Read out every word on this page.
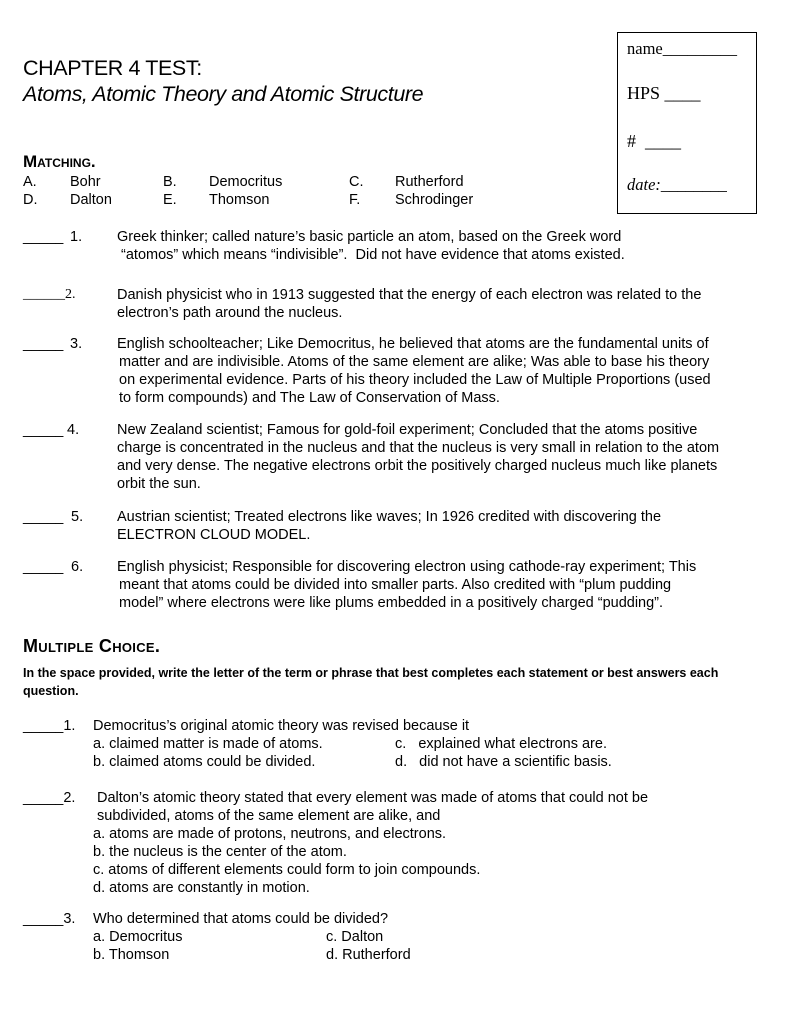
CHAPTER 4 TEST:
Atoms, Atomic Theory and Atomic Structure
name_________
HPS ____
#  ____
date:________
Matching.
A. Bohr	B. Democritus	C. Rutherford
D. Dalton	E. Thomson	F. Schrodinger
_____ 1. Greek thinker; called nature’s basic particle an atom, based on the Greek word
“atomos” which means “indivisible”.  Did not have evidence that atoms existed.
______2.	Danish physicist who in 1913 suggested that the energy of each electron was related to the
electron’s path around the nucleus.
_____ 3. English schoolteacher; Like Democritus, he believed that atoms are the fundamental units of
matter and are indivisible. Atoms of the same element are alike; Was able to base his theory
on experimental evidence. Parts of his theory included the Law of Multiple Proportions (used
to form compounds) and The Law of Conservation of Mass.
_____ 4.	New Zealand scientist; Famous for gold-foil experiment; Concluded that the atoms positive
charge is concentrated in the nucleus and that the nucleus is very small in relation to the atom
and very dense. The negative electrons orbit the positively charged nucleus much like planets
orbit the sun.
_____ 5. Austrian scientist; Treated electrons like waves; In 1926 credited with discovering the
ELECTRON CLOUD MODEL.
_____ 6. English physicist; Responsible for discovering electron using cathode-ray experiment; This
meant that atoms could be divided into smaller parts. Also credited with “plum pudding
model” where electrons were like plums embedded in a positively charged “pudding”.
Multiple Choice.
In the space provided, write the letter of the term or phrase that best completes each statement or best answers each question.
_____1. Democritus’s original atomic theory was revised because it
a. claimed matter is made of atoms.	c.   explained what electrons are.
b. claimed atoms could be divided.	d.   did not have a scientific basis.
_____2. Dalton’s atomic theory stated that every element was made of atoms that could not be
subdivided, atoms of the same element are alike, and
a. atoms are made of protons, neutrons, and electrons.
b. the nucleus is the center of the atom.
c. atoms of different elements could form to join compounds.
d. atoms are constantly in motion.
_____3. Who determined that atoms could be divided?
a. Democritus	c. Dalton
b. Thomson	d. Rutherford
